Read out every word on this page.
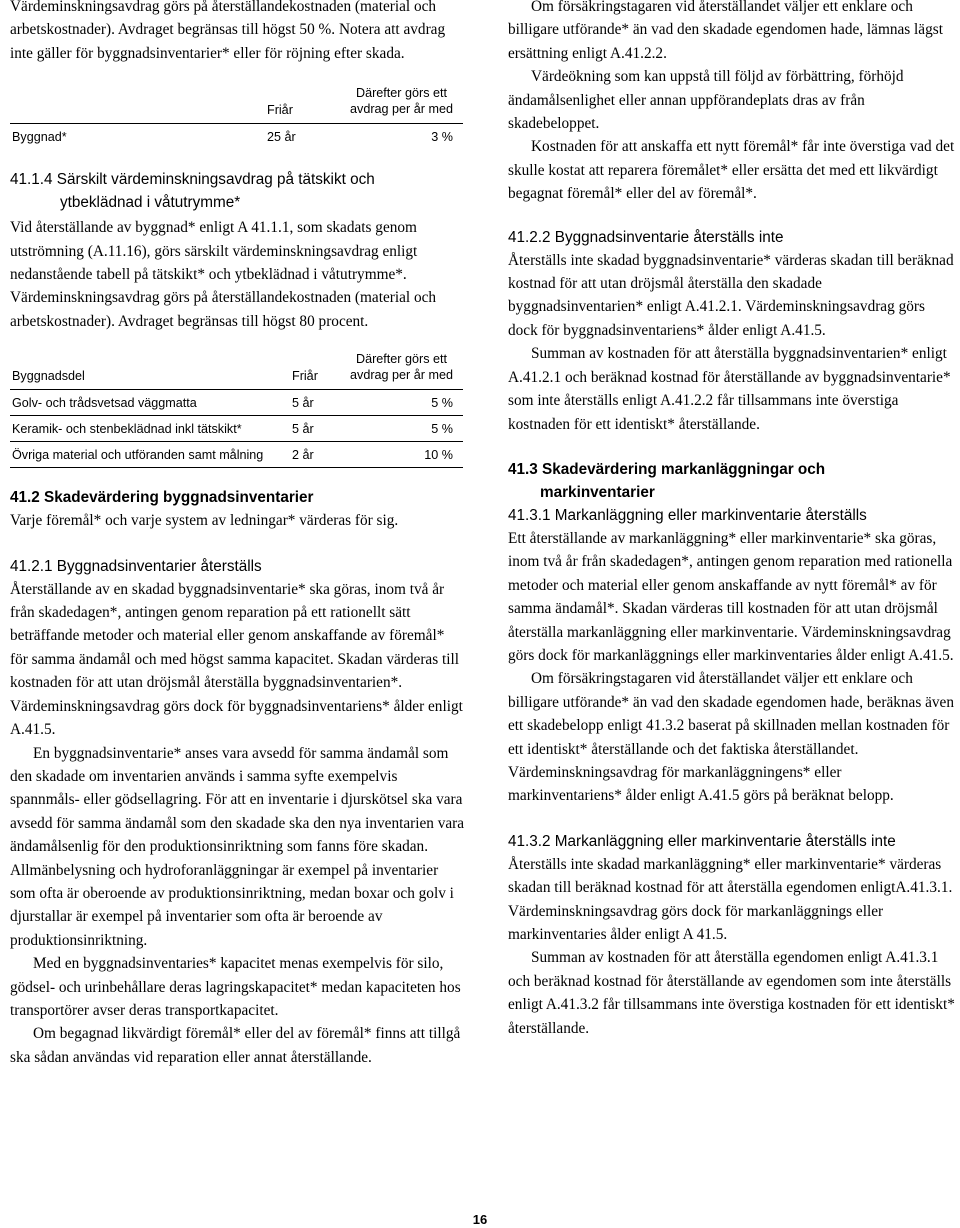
Värdeminskningsavdrag görs på återställandekostnaden (material och arbetskostnader). Avdraget begränsas till högst 50 %. Notera att avdrag inte gäller för byggnadsinventarier* eller för röjning efter skada.

	Friår	Därefter görs ett
avdrag per år med
Byggnad*	25 år	3 %

41.1.4 Särskilt värdeminskningsavdrag på tätskikt och

ytbeklädnad i våtutrymme*

Vid återställande av byggnad* enligt A 41.1.1, som skadats genom utströmning (A.11.16), görs särskilt värdeminskningsavdrag enligt nedanstående tabell på tätskikt* och ytbeklädnad i våtutrymme*. Värdeminskningsavdrag görs på återställandekostnaden (material och arbetskostnader). Avdraget begränsas till högst 80 procent.

Byggnadsdel	Friår	Därefter görs ett
avdrag per år med
Golv- och trådsvetsad väggmatta	5 år	5 %
Keramik- och stenbeklädnad inkl tätskikt*	5 år	5 %
Övriga material och utföranden samt målning	2 år	10 %

41.2 Skadevärdering byggnadsinventarier

Varje föremål* och varje system av ledningar* värderas för sig.

41.2.1 Byggnadsinventarier återställs

Återställande av en skadad byggnadsinventarie* ska göras, inom två år från skadedagen*, antingen genom reparation på ett rationellt sätt beträffande metoder och material eller genom anskaffande av föremål* för samma ändamål och med högst samma kapacitet. Skadan värderas till kostnaden för att utan dröjsmål återställa byggnadsinventarien*. Värdeminskningsavdrag görs dock för byggnadsinventariens* ålder enligt A.41.5.

En byggnadsinventarie* anses vara avsedd för samma ändamål som den skadade om inventarien används i samma syfte exempelvis spannmåls- eller gödsellagring. För att en inventarie i djurskötsel ska vara avsedd för samma ändamål som den skadade ska den nya inventarien vara ändamålsenlig för den produktionsinriktning som fanns före skadan. Allmänbelysning och hydroforanläggningar är exempel på inventarier som ofta är oberoende av produktionsinriktning, medan boxar och golv i djurstallar är exempel på inventarier som ofta är beroende av produktionsinriktning.

Med en byggnadsinventaries* kapacitet menas exempelvis för silo, gödsel- och urinbehållare deras lagringskapacitet* medan kapaciteten hos transportörer avser deras transportkapacitet.

Om begagnad likvärdigt föremål* eller del av föremål* finns att tillgå ska sådan användas vid reparation eller annat återställande.

Om försäkringstagaren vid återställandet väljer ett enklare och billigare utförande* än vad den skadade egendomen hade, lämnas lägst ersättning enligt A.41.2.2.

Värdeökning som kan uppstå till följd av förbättring, förhöjd ändamålsenlighet eller annan uppförandeplats dras av från skadebeloppet.

Kostnaden för att anskaffa ett nytt föremål* får inte överstiga vad det skulle kostat att reparera föremålet* eller ersätta det med ett likvärdigt begagnat föremål* eller del av föremål*.

41.2.2 Byggnadsinventarie återställs inte

Återställs inte skadad byggnadsinventarie* värderas skadan till beräknad kostnad för att utan dröjsmål återställa den skadade byggnadsinventarien* enligt A.41.2.1. Värdeminskningsavdrag görs dock för byggnadsinventariens* ålder enligt A.41.5.

Summan av kostnaden för att återställa byggnadsinventarien* enligt A.41.2.1 och beräknad kostnad för återställande av byggnadsinventarie* som inte återställs enligt A.41.2.2 får tillsammans inte överstiga kostnaden för ett identiskt* återställande.

41.3 Skadevärdering markanläggningar och

markinventarier

41.3.1 Markanläggning eller markinventarie återställs

Ett återställande av markanläggning* eller markinventarie* ska göras, inom två år från skadedagen*, antingen genom reparation med rationella metoder och material eller genom anskaffande av nytt föremål* av för samma ändamål*. Skadan värderas till kostnaden för att utan dröjsmål återställa markanläggning eller markinventarie. Värdeminskningsavdrag görs dock för markanläggnings eller markinventaries ålder enligt A.41.5.

Om försäkringstagaren vid återställandet väljer ett enklare och billigare utförande* än vad den skadade egendomen hade, beräknas även ett skadebelopp enligt 41.3.2 baserat på skillnaden mellan kostnaden för ett identiskt* återställande och det faktiska återställandet. Värdeminskningsavdrag för markanläggningens* eller markinventariens* ålder enligt A.41.5 görs på beräknat belopp.

41.3.2 Markanläggning eller markinventarie återställs inte

Återställs inte skadad markanläggning* eller markinventarie* värderas skadan till beräknad kostnad för att återställa egendomen enligtA.41.3.1. Värdeminskningsavdrag görs dock för markanläggnings eller markinventaries ålder enligt A 41.5.

Summan av kostnaden för att återställa egendomen enligt A.41.3.1 och beräknad kostnad för återställande av egendomen som inte återställs enligt A.41.3.2 får tillsammans inte överstiga kostnaden för ett identiskt* återställande.

16
